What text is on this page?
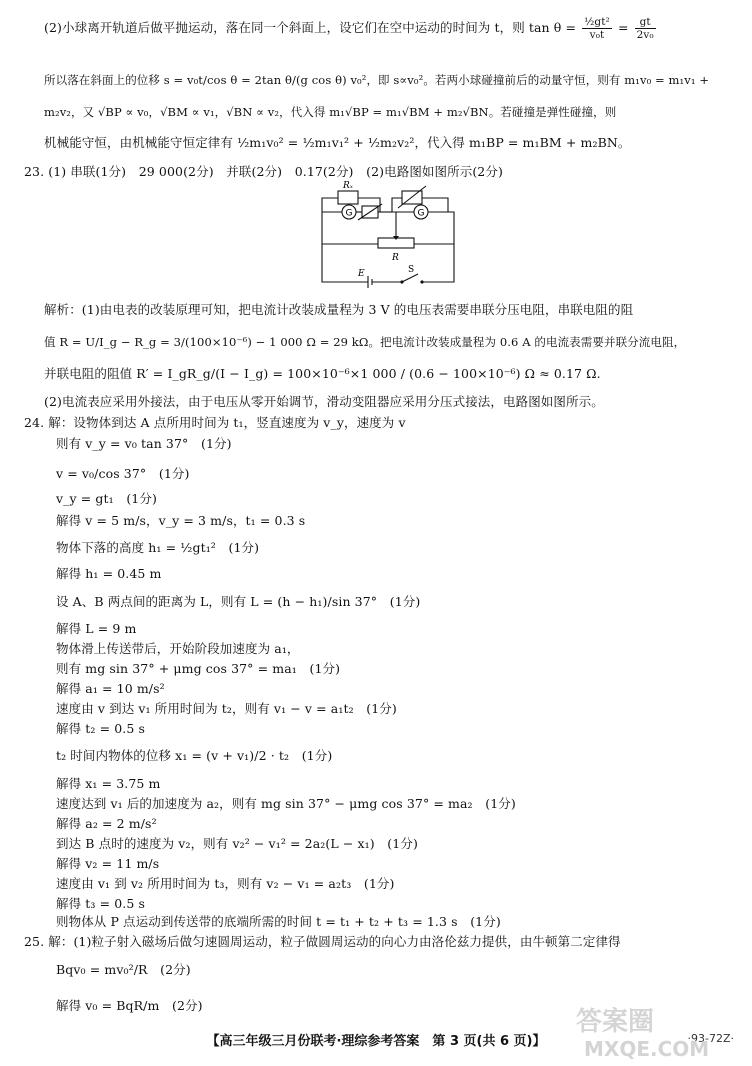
(2)小球离开轨道后做平抛运动，落在同一个斜面上，设它们在空中运动的时间为 t，则 $\tan \theta = \frac{\text{½gt²}}{\text{v₀t}} = \frac{gt}{\text{2v₀}}$
所以落在斜面上的位移 s = v₀t/cos θ = 2tan θ/(g cos θ) v₀²，即 s∝v₀²。若两小球碰撞前后的动量守恒，则有 m₁v₀ = m₁v₁ +
m₂v₂，又 √BP ∝ v₀，√BM ∝ v₁，√BN ∝ v₂，代入得 m₁√BP = m₁√BM + m₂√BN。若碰撞是弹性碰撞，则
机械能守恒，由机械能守恒定律有 ½m₁v₀² = ½m₁v₁² + ½m₂v₂²，代入得 m₁BP = m₁BM + m₂BN。
23. (1) 串联(1分)　29 000(2分)　并联(2分)　0.17(2分)　(2)电路图如图所示(2分)
Rₓ
G	G
R
E	S
解析：(1)由电表的改装原理可知，把电流计改装成量程为 3 V 的电压表需要串联分压电阻，串联电阻的阻
值 R = U/I_g − R_g = 3/(100×10⁻⁶) − 1 000 Ω = 29 kΩ。把电流计改装成量程为 0.6 A 的电流表需要并联分流电阻，
并联电阻的阻值 R′ = I_gR_g/(I − I_g) = 100×10⁻⁶×1 000 / (0.6 − 100×10⁻⁶) Ω ≈ 0.17 Ω.
(2)电流表应采用外接法，由于电压从零开始调节，滑动变阻器应采用分压式接法，电路图如图所示。
24. 解：设物体到达 A 点所用时间为 t₁，竖直速度为 v_y，速度为 v
则有 v_y = v₀ tan 37°　(1分)
v = v₀/cos 37°　(1分)
v_y = gt₁　(1分)
解得 v = 5 m/s，v_y = 3 m/s，t₁ = 0.3 s
物体下落的高度 h₁ = ½gt₁²　(1分)
解得 h₁ = 0.45 m
设 A、B 两点间的距离为 L，则有 L = (h − h₁)/sin 37°　(1分)
解得 L = 9 m
物体滑上传送带后，开始阶段加速度为 a₁，
则有 mg sin 37° + μmg cos 37° = ma₁　(1分)
解得 a₁ = 10 m/s²
速度由 v 到达 v₁ 所用时间为 t₂，则有 v₁ − v = a₁t₂　(1分)
解得 t₂ = 0.5 s
t₂ 时间内物体的位移 x₁ = (v + v₁)/2 · t₂　(1分)
解得 x₁ = 3.75 m
速度达到 v₁ 后的加速度为 a₂，则有 mg sin 37° − μmg cos 37° = ma₂　(1分)
解得 a₂ = 2 m/s²
到达 B 点时的速度为 v₂，则有 v₂² − v₁² = 2a₂(L − x₁)　(1分)
解得 v₂ = 11 m/s
速度由 v₁ 到 v₂ 所用时间为 t₃，则有 v₂ − v₁ = a₂t₃　(1分)
解得 t₃ = 0.5 s
则物体从 P 点运动到传送带的底端所需的时间 t = t₁ + t₂ + t₃ = 1.3 s　(1分)
25. 解：(1)粒子射入磁场后做匀速圆周运动，粒子做圆周运动的向心力由洛伦兹力提供，由牛顿第二定律得
Bqv₀ = mv₀²/R　(2分)
解得 v₀ = BqR/m　(2分)
【高三年级三月份联考·理综参考答案　第 3 页(共 6 页)】	·93-72Z·
答案圈
MXQE.COM
